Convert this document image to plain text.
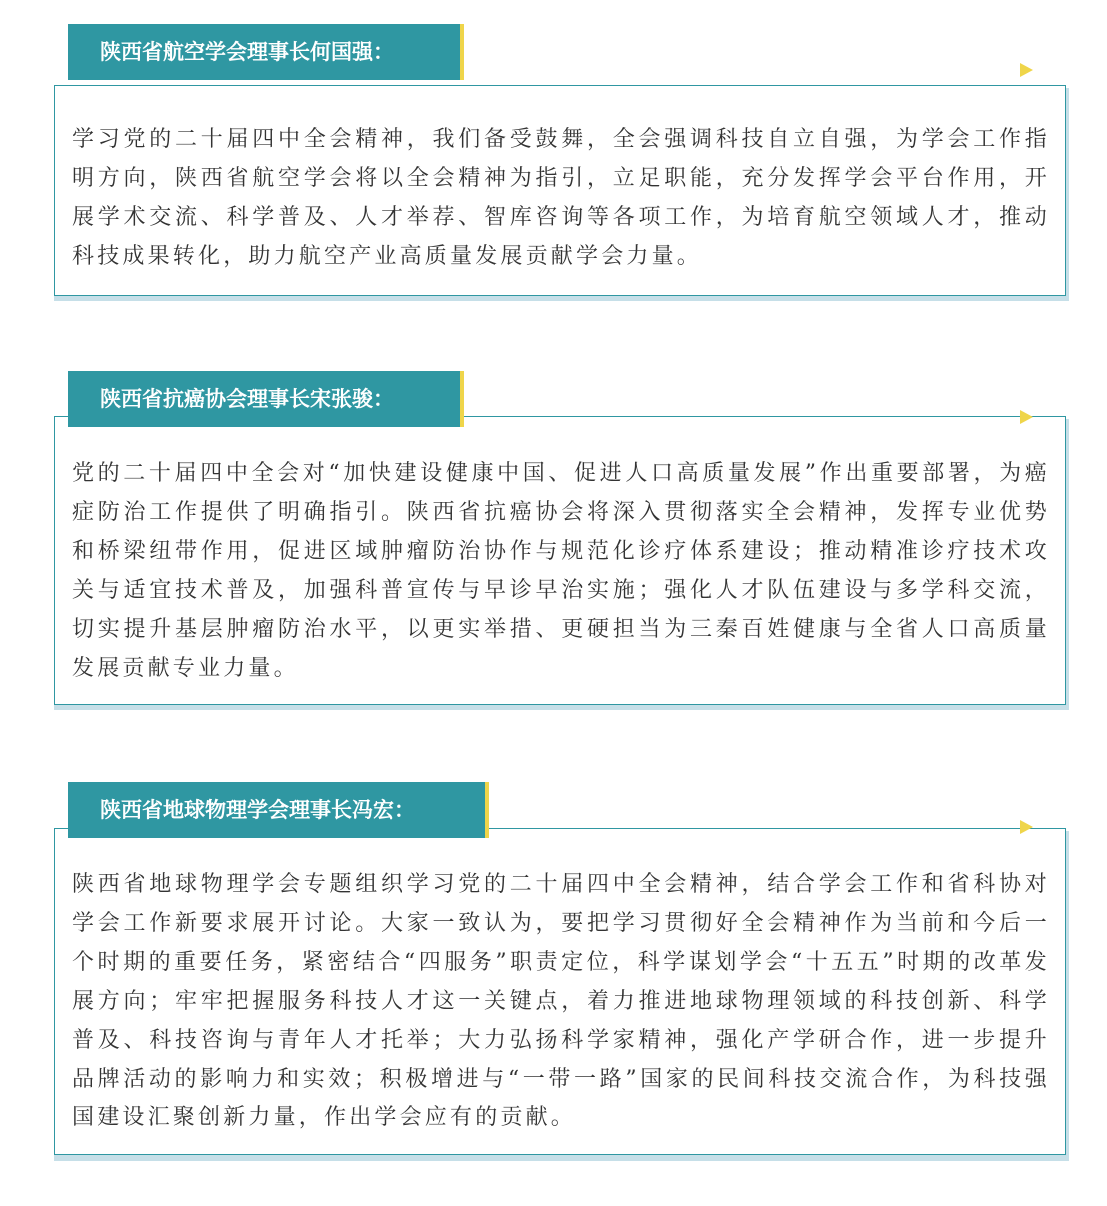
陕西省航空学会理事长何国强：

学习党的二十届四中全会精神，我们备受鼓舞，全会强调科技自立自强，为学会工作指明方向，陕西省航空学会将以全会精神为指引，立足职能，充分发挥学会平台作用，开展学术交流、科学普及、人才举荐、智库咨询等各项工作，为培育航空领域人才，推动科技成果转化，助力航空产业高质量发展贡献学会力量。

陕西省抗癌协会理事长宋张骏：

党的二十届四中全会对“加快建设健康中国、促进人口高质量发展”作出重要部署，为癌症防治工作提供了明确指引。陕西省抗癌协会将深入贯彻落实全会精神，发挥专业优势和桥梁纽带作用，促进区域肿瘤防治协作与规范化诊疗体系建设；推动精准诊疗技术攻关与适宜技术普及，加强科普宣传与早诊早治实施；强化人才队伍建设与多学科交流，切实提升基层肿瘤防治水平，以更实举措、更硬担当为三秦百姓健康与全省人口高质量发展贡献专业力量。

陕西省地球物理学会理事长冯宏：

陕西省地球物理学会专题组织学习党的二十届四中全会精神，结合学会工作和省科协对学会工作新要求展开讨论。大家一致认为，要把学习贯彻好全会精神作为当前和今后一个时期的重要任务，紧密结合“四服务”职责定位，科学谋划学会“十五五”时期的改革发展方向；牢牢把握服务科技人才这一关键点，着力推进地球物理领域的科技创新、科学普及、科技咨询与青年人才托举；大力弘扬科学家精神，强化产学研合作，进一步提升品牌活动的影响力和实效；积极增进与“一带一路”国家的民间科技交流合作，为科技强国建设汇聚创新力量，作出学会应有的贡献。
